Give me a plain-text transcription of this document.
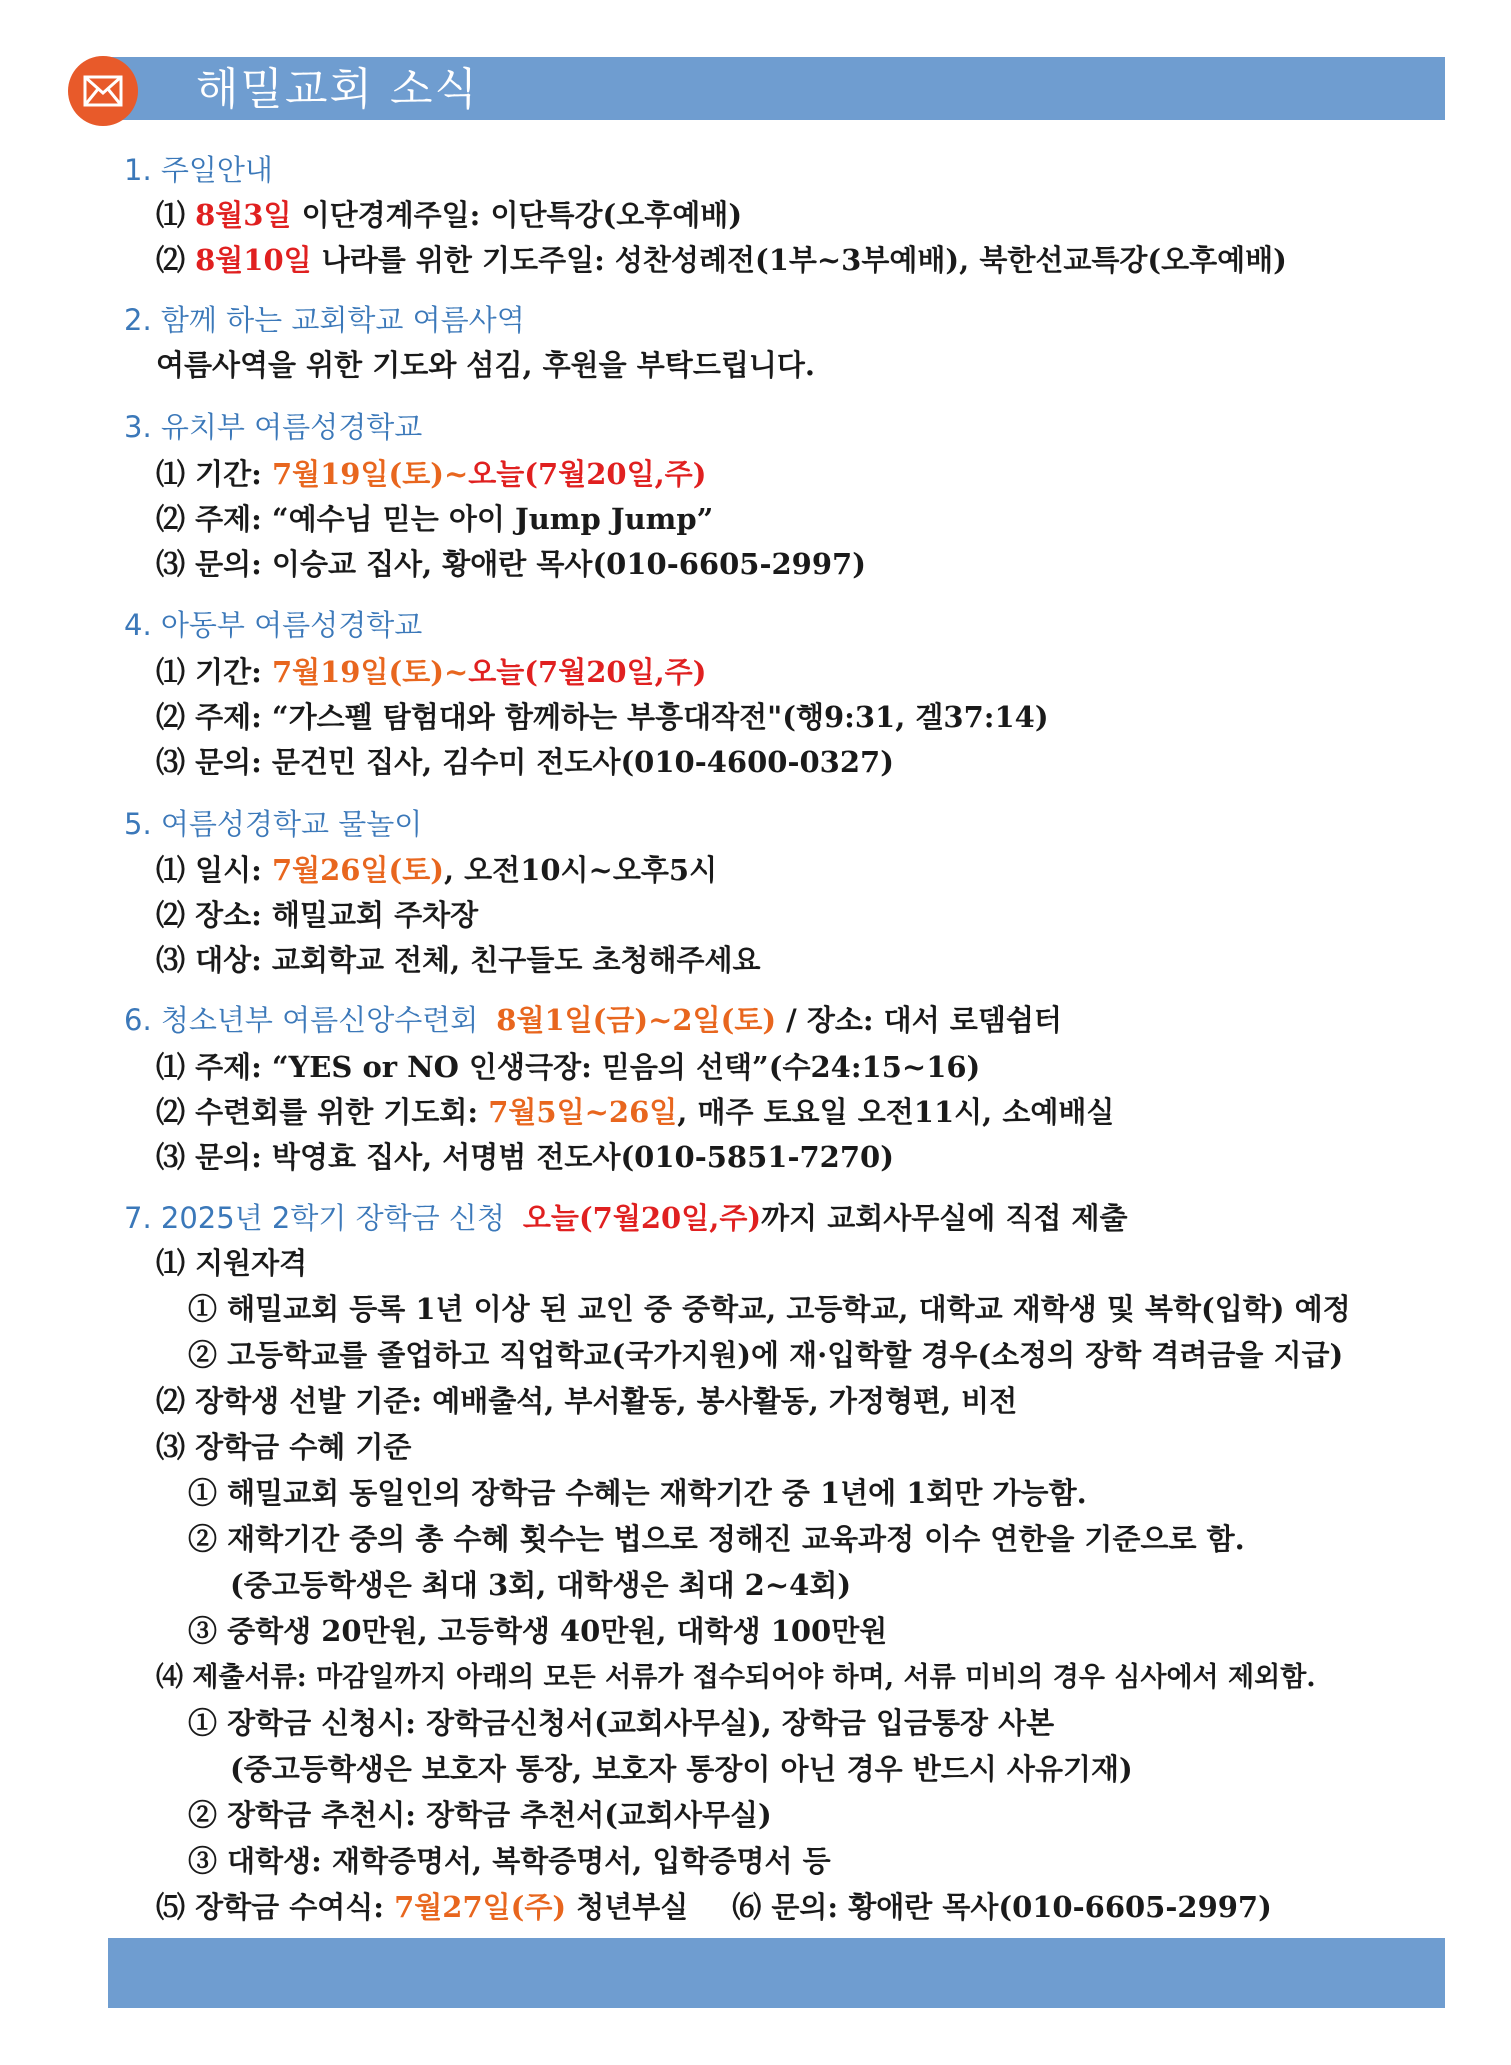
해밀교회 소식
1. 주일안내
⑴ 8월3일 이단경계주일: 이단특강(오후예배)
⑵ 8월10일 나라를 위한 기도주일: 성찬성례전(1부~3부예배), 북한선교특강(오후예배)
2. 함께 하는 교회학교 여름사역
여름사역을 위한 기도와 섬김, 후원을 부탁드립니다.
3. 유치부 여름성경학교
⑴ 기간: 7월19일(토)~오늘(7월20일,주)
⑵ 주제: “예수님 믿는 아이 Jump Jump”
⑶ 문의: 이승교 집사, 황애란 목사(010-6605-2997)
4. 아동부 여름성경학교
⑴ 기간: 7월19일(토)~오늘(7월20일,주)
⑵ 주제: “가스펠 탐험대와 함께하는 부흥대작전"(행9:31, 겔37:14)
⑶ 문의: 문건민 집사, 김수미 전도사(010-4600-0327)
5. 여름성경학교 물놀이
⑴ 일시: 7월26일(토), 오전10시~오후5시
⑵ 장소: 해밀교회 주차장
⑶ 대상: 교회학교 전체, 친구들도 초청해주세요
6. 청소년부 여름신앙수련회 8월1일(금)~2일(토) / 장소: 대서 로뎀쉼터
⑴ 주제: “YES or NO 인생극장: 믿음의 선택”(수24:15~16)
⑵ 수련회를 위한 기도회: 7월5일~26일, 매주 토요일 오전11시, 소예배실
⑶ 문의: 박영효 집사, 서명범 전도사(010-5851-7270)
7. 2025년 2학기 장학금 신청 오늘(7월20일,주)까지 교회사무실에 직접 제출
⑴ 지원자격
① 해밀교회 등록 1년 이상 된 교인 중 중학교, 고등학교, 대학교 재학생 및 복학(입학) 예정
② 고등학교를 졸업하고 직업학교(국가지원)에 재·입학할 경우(소정의 장학 격려금을 지급)
⑵ 장학생 선발 기준: 예배출석, 부서활동, 봉사활동, 가정형편, 비전
⑶ 장학금 수혜 기준
① 해밀교회 동일인의 장학금 수혜는 재학기간 중 1년에 1회만 가능함.
② 재학기간 중의 총 수혜 횟수는 법으로 정해진 교육과정 이수 연한을 기준으로 함.
(중고등학생은 최대 3회, 대학생은 최대 2~4회)
③ 중학생 20만원, 고등학생 40만원, 대학생 100만원
⑷ 제출서류: 마감일까지 아래의 모든 서류가 접수되어야 하며, 서류 미비의 경우 심사에서 제외함.
① 장학금 신청시: 장학금신청서(교회사무실), 장학금 입금통장 사본
(중고등학생은 보호자 통장, 보호자 통장이 아닌 경우 반드시 사유기재)
② 장학금 추천시: 장학금 추천서(교회사무실)
③ 대학생: 재학증명서, 복학증명서, 입학증명서 등
⑸ 장학금 수여식: 7월27일(주) 청년부실 ⑹ 문의: 황애란 목사(010-6605-2997)
